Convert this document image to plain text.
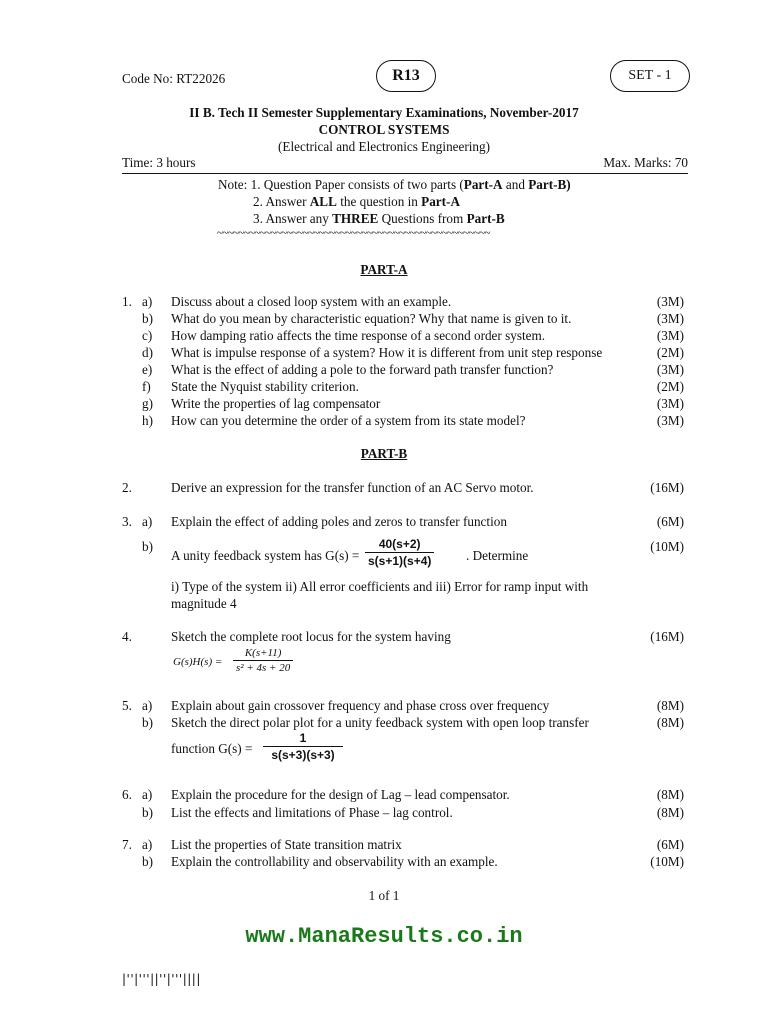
Code No: RT22026	R13	SET - 1
II B. Tech II Semester Supplementary Examinations, November-2017
CONTROL SYSTEMS
(Electrical and Electronics Engineering)
Time: 3 hours	Max. Marks: 70
Note: 1. Question Paper consists of two parts (Part-A and Part-B)
2. Answer ALL the question in Part-A
3. Answer any THREE Questions from Part-B
~~~~~~~~~~~~~~~~~~~~~~~~~~~~~~~~~~~~~~~~~~~~~~~~~~~
PART-A
1. a) Discuss about a closed loop system with an example.	(3M)
b) What do you mean by characteristic equation? Why that name is given to it.	(3M)
c) How damping ratio affects the time response of a second order system.	(3M)
d) What is impulse response of a system? How it is different from unit step response	(2M)
e) What is the effect of adding a pole to the forward path transfer function?	(3M)
f) State the Nyquist stability criterion.	(2M)
g) Write the properties of lag compensator	(3M)
h) How can you determine the order of a system from its state model?	(3M)
PART-B
2.	Derive an expression for the transfer function of an AC Servo motor.	(16M)
3. a) Explain the effect of adding poles and zeros to transfer function	(6M)
b)
A unity feedback system has G(s) =
40(s+2)
s(s+1)(s+4)	. Determine
(10M)
i) Type of the system ii) All error coefficients and iii) Error for ramp input with
magnitude 4
4.	Sketch the complete root locus for the system having	(16M)
G(s)H(s) =
K(s+11)
s² + 4s + 20
5. a) Explain about gain crossover frequency and phase cross over frequency	(8M)
b) Sketch the direct polar plot for a unity feedback system with open loop transfer	(8M)
function G(s) =
1
s(s+3)(s+3)
6. a) Explain the procedure for the design of Lag – lead compensator.	(8M)
b) List the effects and limitations of Phase – lag control.	(8M)
7. a) List the properties of State transition matrix	(6M)
b) Explain the controllability and observability with an example.	(10M)
1 of 1
www.ManaResults.co.in
|''|'''||''|'''||||
